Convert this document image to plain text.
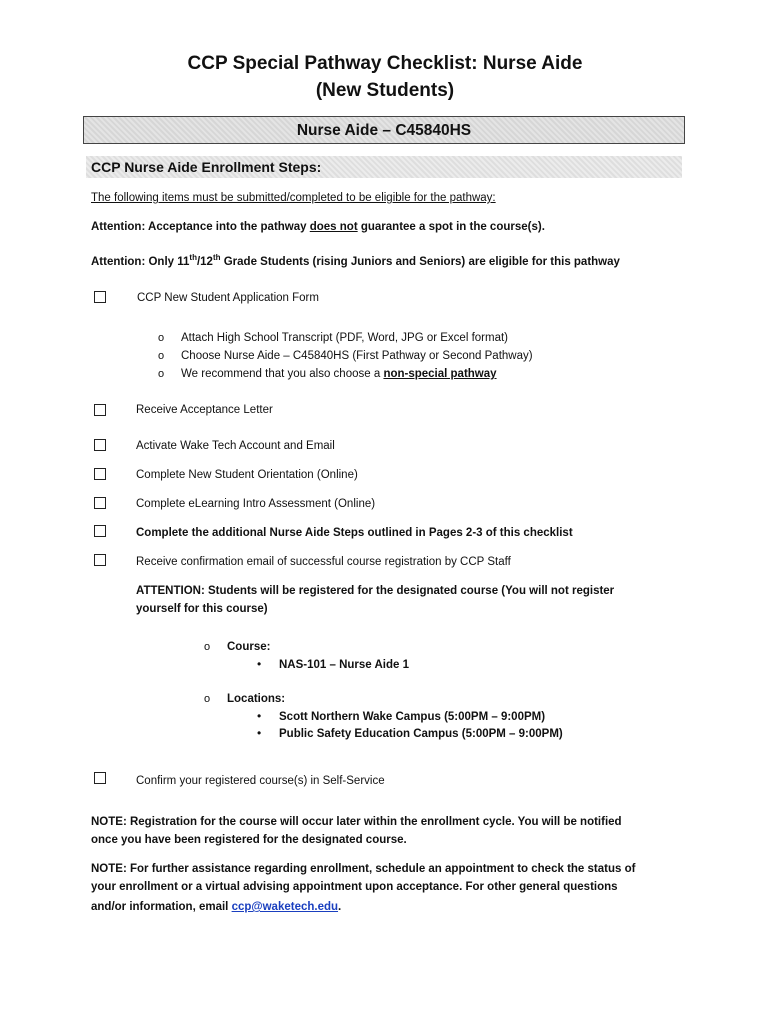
CCP Special Pathway Checklist: Nurse Aide
(New Students)
Nurse Aide – C45840HS
CCP Nurse Aide Enrollment Steps:
The following items must be submitted/completed to be eligible for the pathway:
Attention: Acceptance into the pathway does not guarantee a spot in the course(s).
Attention: Only 11th/12th Grade Students (rising Juniors and Seniors) are eligible for this pathway
CCP New Student Application Form
o Attach High School Transcript (PDF, Word, JPG or Excel format)
o Choose Nurse Aide – C45840HS (First Pathway or Second Pathway)
o We recommend that you also choose a non-special pathway
Receive Acceptance Letter
Activate Wake Tech Account and Email
Complete New Student Orientation (Online)
Complete eLearning Intro Assessment (Online)
Complete the additional Nurse Aide Steps outlined in Pages 2-3 of this checklist
Receive confirmation email of successful course registration by CCP Staff
ATTENTION: Students will be registered for the designated course (You will not register
yourself for this course)
o Course:
• NAS-101 – Nurse Aide 1
o Locations:
• Scott Northern Wake Campus (5:00PM – 9:00PM)
• Public Safety Education Campus (5:00PM – 9:00PM)
Confirm your registered course(s) in Self-Service
NOTE: Registration for the course will occur later within the enrollment cycle. You will be notified
once you have been registered for the designated course.
NOTE: For further assistance regarding enrollment, schedule an appointment to check the status of
your enrollment or a virtual advising appointment upon acceptance. For other general questions
and/or information, email ccp@waketech.edu.
